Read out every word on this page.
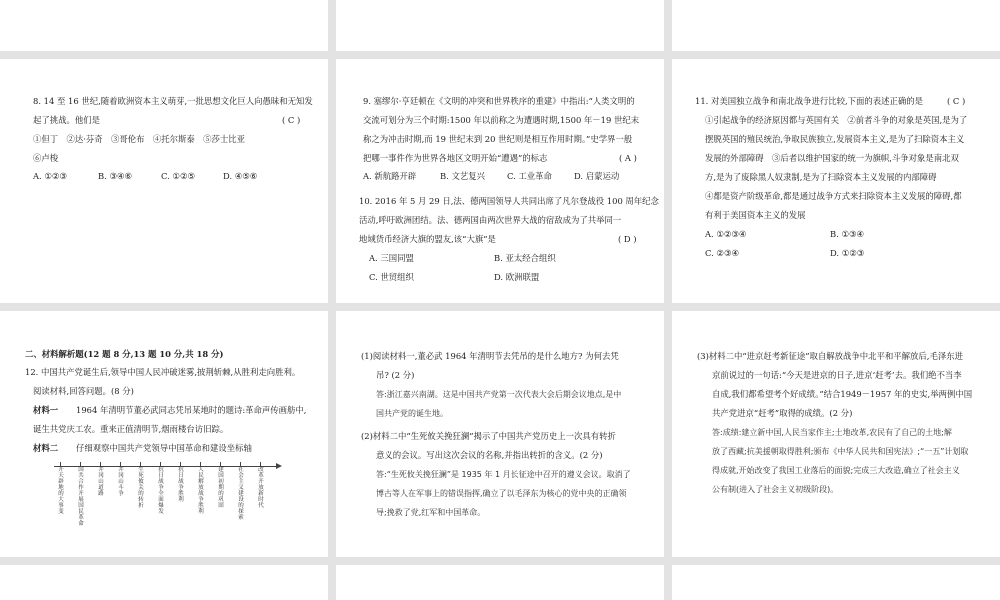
8. 14 至 16 世纪,随着欧洲资本主义萌芽,一批思想文化巨人向愚昧和无知发
起了挑战。他们是	( C )
①但丁　②达·芬奇　③哥伦布　④托尔斯泰　⑤莎士比亚
⑥卢梭
A. ①②③	B. ③④⑥	C. ①②⑤	D. ④⑤⑥
9. 塞缪尔·亨廷顿在《文明的冲突和世界秩序的重建》中指出:“人类文明的
交流可划分为三个时期:1500 年以前称之为遭遇时期,1500 年－19 世纪末
称之为冲击时期,而 19 世纪末到 20 世纪则是相互作用时期。”史学界一般
把哪一事件作为世界各地区文明开始“遭遇”的标志	( A )
A. 新航路开辟	B. 文艺复兴	C. 工业革命	D. 启蒙运动
10. 2016 年 5 月 29 日,法、德两国领导人共同出席了凡尔登战役 100 周年纪念
活动,呼吁欧洲团结。法、德两国由两次世界大战的宿敌成为了共举同一
地域货币经济大旗的盟友,该“大旗”是	( D )
A. 三国同盟	B. 亚太经合组织
C. 世贸组织	D. 欧洲联盟
11. 对美国独立战争和南北战争进行比较,下面的表述正确的是	( C )
①引起战争的经济原因都与英国有关　②前者斗争的对象是英国,是为了
摆脱英国的殖民统治,争取民族独立,发展资本主义,是为了扫除资本主义
发展的外部障碍　③后者以维护国家的统一为旗帜,斗争对象是南北双
方,是为了废除黑人奴隶制,是为了扫除资本主义发展的内部障碍
④都是资产阶级革命,都是通过战争方式来扫除资本主义发展的障碍,都
有利于美国资本主义的发展
A. ①②③④	B. ①③④
C. ②③④	D. ①②③
二、材料解析题(12 题 8 分,13 题 10 分,共 18 分)
12. 中国共产党诞生后,领导中国人民冲破迷雾,披荆斩棘,从胜利走向胜利。
阅读材料,回答问题。(8 分)
材料一 1964 年清明节董必武同志凭吊某地时的题诗:革命声传画舫中,
诞生共党庆工农。重来正值清明节,烟雨楼台访旧踪。
材料二 仔细观察中国共产党领导中国革命和建设坐标轴
开天辟地的大事变
国共合作开展国民革命
井冈山道路
井冈山斗争
生死攸关的转折
抗日战争全面爆发
抗日战争胜利
人民解放战争胜利
建国初期的巩固
社会主义建设的探索
改革开放新时代
(1)阅读材料一,董必武 1964 年清明节去凭吊的是什么地方? 为何去凭
吊? (2 分)
答:浙江嘉兴南湖。这是中国共产党第一次代表大会后期会议地点,是中
国共产党的诞生地。
(2)材料二中“生死攸关挽狂澜”揭示了中国共产党历史上一次具有转折
意义的会议。写出这次会议的名称,并指出转折的含义。(2 分)
答:“生死攸关挽狂澜”是 1935 年 1 月长征途中召开的遵义会议。取消了
博古等人在军事上的错误指挥,确立了以毛泽东为核心的党中央的正确领
导;挽救了党,红军和中国革命。
(3)材料二中“进京赶考新征途”取自解放战争中北平和平解放后,毛泽东进
京前说过的一句话:“今天是进京的日子,进京‘赶考’去。我们绝不当李
自成,我们都希望考个好成绩。”结合1949－1957 年的史实,举两例中国
共产党进京“赶考”取得的成绩。(2 分)
答:成绩:建立新中国,人民当家作主;土地改革,农民有了自己的土地;解
放了西藏;抗美援朝取得胜利;颁布《中华人民共和国宪法》;“一五”计划取
得成就,开始改变了我国工业落后的面貌;完成三大改造,确立了社会主义
公有制(进入了社会主义初级阶段)。
